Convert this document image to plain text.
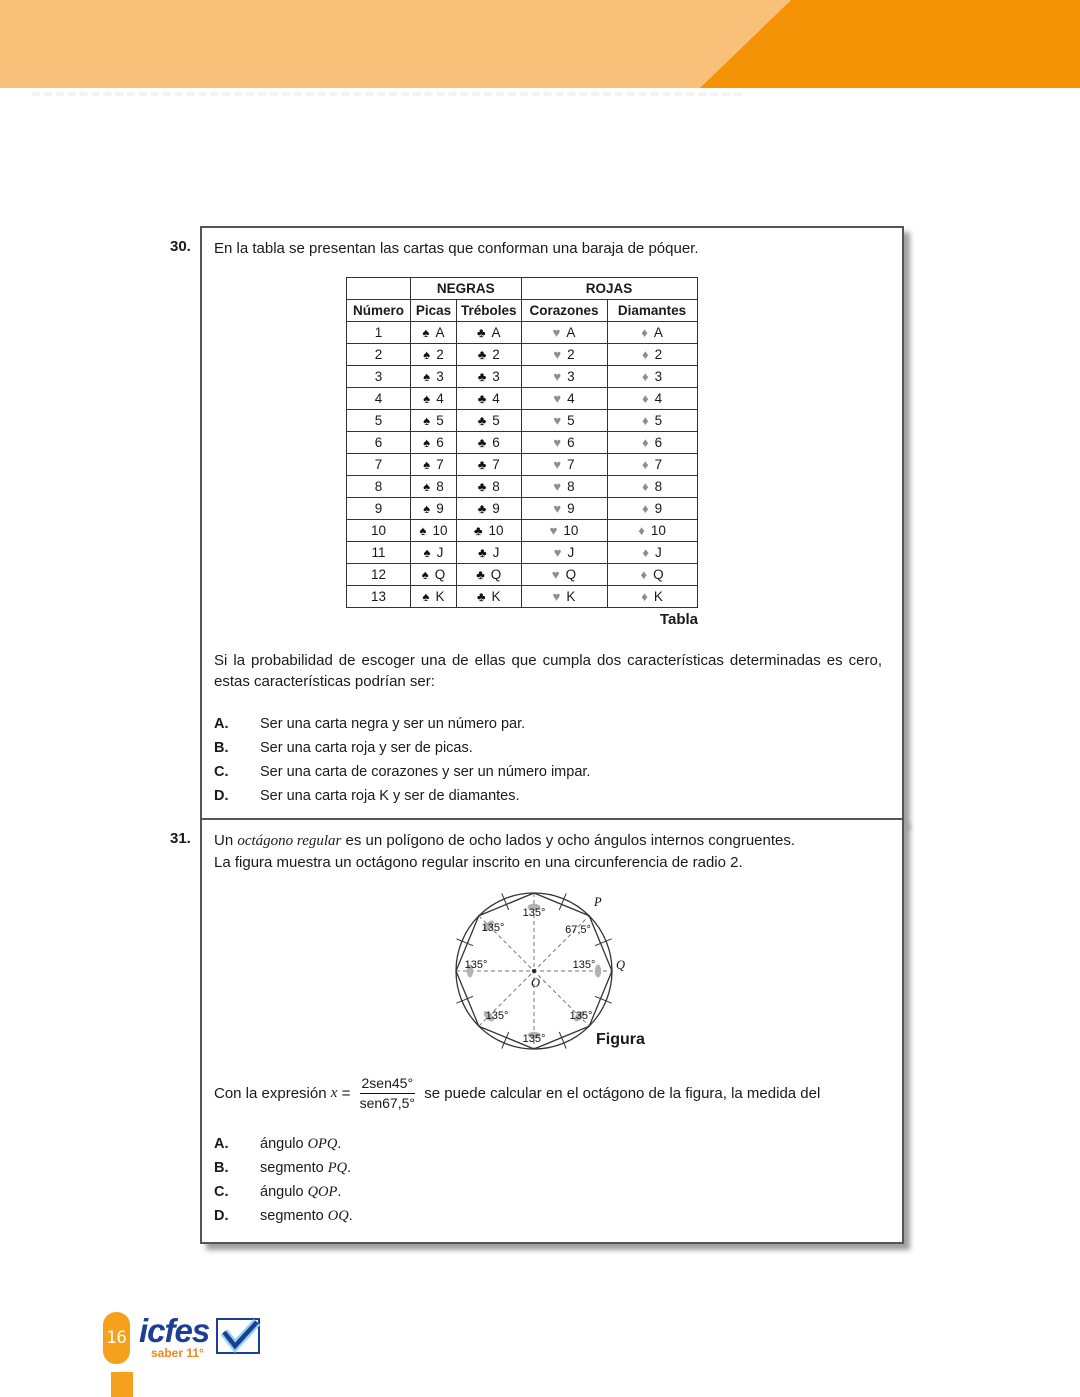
30. En la tabla se presentan las cartas que conforman una baraja de póquer.

	NEGRAS		ROJAS	
Número	Picas	Tréboles	Corazones	Diamantes
1	♠ A	♣ A	♥ A	♦ A
2	♠ 2	♣ 2	♥ 2	♦ 2
3	♠ 3	♣ 3	♥ 3	♦ 3
4	♠ 4	♣ 4	♥ 4	♦ 4
5	♠ 5	♣ 5	♥ 5	♦ 5
6	♠ 6	♣ 6	♥ 6	♦ 6
7	♠ 7	♣ 7	♥ 7	♦ 7
8	♠ 8	♣ 8	♥ 8	♦ 8
9	♠ 9	♣ 9	♥ 9	♦ 9
10	♠ 10	♣ 10	♥ 10	♦ 10
11	♠ J	♣ J	♥ J	♦ J
12	♠ Q	♣ Q	♥ Q	♦ Q
13	♠ K	♣ K	♥ K	♦ K
Tabla

Si la probabilidad de escoger una de ellas que cumpla dos características determinadas es cero, estas características podrían ser:

A.	Ser una carta negra y ser un número par.
B.	Ser una carta roja y ser de picas.
C.	Ser una carta de corazones y ser un número impar.
D.	Ser una carta roja K y ser de diamantes.
31. Un octágono regular es un polígono de ocho lados y ocho ángulos internos congruentes.
La figura muestra un octágono regular inscrito en una circunferencia de radio 2.

135°
135°
135°
135°
135°
135°
135°
67,5°
P
Q
O
Figura
Con la expresión $x = \frac{\text{2sen45°}}{\text{sen67,5°}}$ se puede calcular en el octágono de la figura, la medida del
A.	ángulo OPQ.
B.	segmento PQ.
C.	ángulo QOP.
D.	segmento OQ.
16 icfes
saber 11°
